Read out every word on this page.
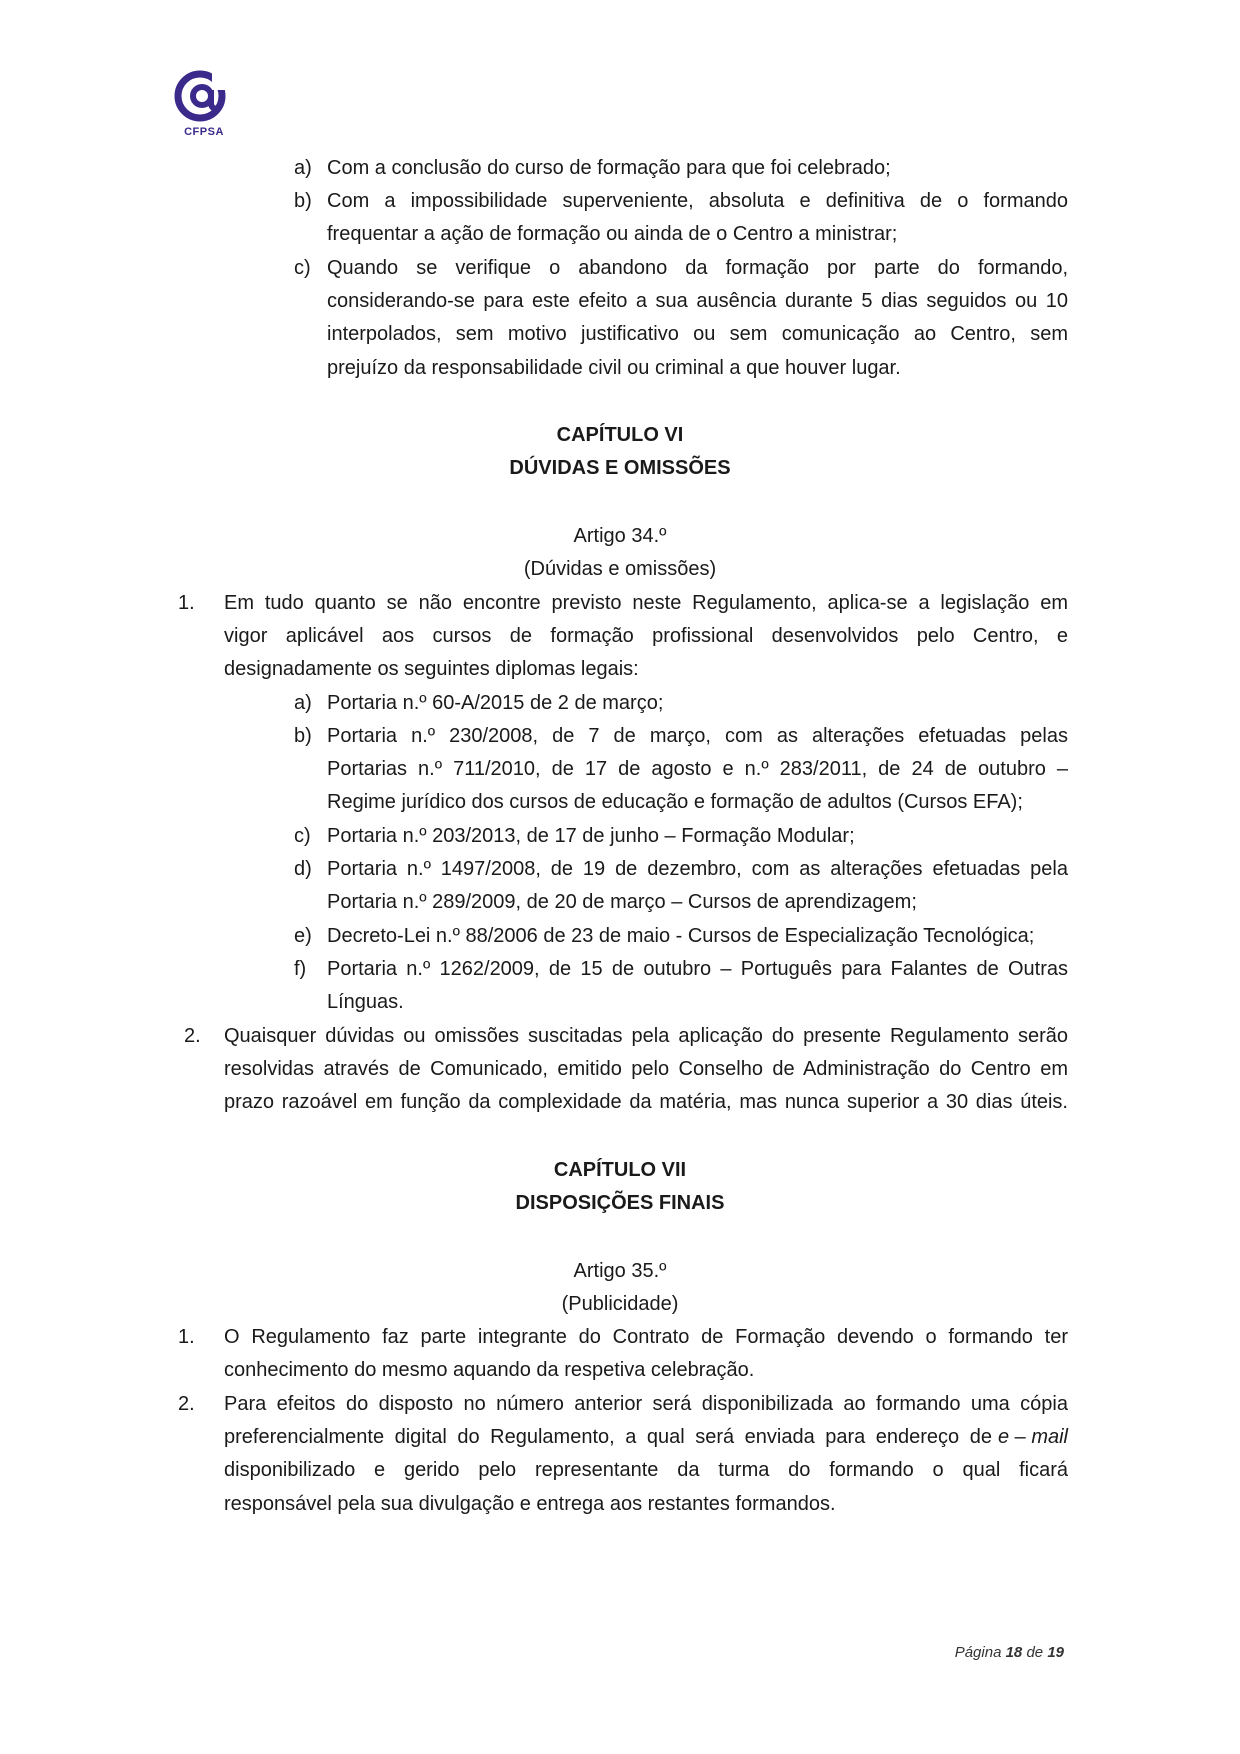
CFPSA
a) Com a conclusão do curso de formação para que foi celebrado;
b) Com a impossibilidade superveniente, absoluta e definitiva de o formando
frequentar a ação de formação ou ainda de o Centro a ministrar;
c) Quando se verifique o abandono da formação por parte do formando,
considerando-se para este efeito a sua ausência durante 5 dias seguidos ou 10
interpolados, sem motivo justificativo ou sem comunicação ao Centro, sem
prejuízo da responsabilidade civil ou criminal a que houver lugar.
CAPÍTULO VI
DÚVIDAS E OMISSÕES
Artigo 34.º
(Dúvidas e omissões)
1. Em tudo quanto se não encontre previsto neste Regulamento, aplica-se a legislação em
vigor aplicável aos cursos de formação profissional desenvolvidos pelo Centro, e
designadamente os seguintes diplomas legais:
a) Portaria n.º 60-A/2015 de 2 de março;
b) Portaria n.º 230/2008, de 7 de março, com as alterações efetuadas pelas
Portarias n.º 711/2010, de 17 de agosto e n.º 283/2011, de 24 de outubro –
Regime jurídico dos cursos de educação e formação de adultos (Cursos EFA);
c) Portaria n.º 203/2013, de 17 de junho – Formação Modular;
d) Portaria n.º 1497/2008, de 19 de dezembro, com as alterações efetuadas pela
Portaria n.º 289/2009, de 20 de março – Cursos de aprendizagem;
e) Decreto-Lei n.º 88/2006 de 23 de maio - Cursos de Especialização Tecnológica;
f) Portaria n.º 1262/2009, de 15 de outubro – Português para Falantes de Outras
Línguas.
2. Quaisquer dúvidas ou omissões suscitadas pela aplicação do presente Regulamento serão
resolvidas através de Comunicado, emitido pelo Conselho de Administração do Centro em
prazo razoável em função da complexidade da matéria, mas nunca superior a 30 dias úteis.
CAPÍTULO VII
DISPOSIÇÕES FINAIS
Artigo 35.º
(Publicidade)
1. O Regulamento faz parte integrante do Contrato de Formação devendo o formando ter
conhecimento do mesmo aquando da respetiva celebração.
2. Para efeitos do disposto no número anterior será disponibilizada ao formando uma cópia
preferencialmente digital do Regulamento, a qual será enviada para endereço de e – mail
disponibilizado e gerido pelo representante da turma do formando o qual ficará
responsável pela sua divulgação e entrega aos restantes formandos.
Página 18 de 19
